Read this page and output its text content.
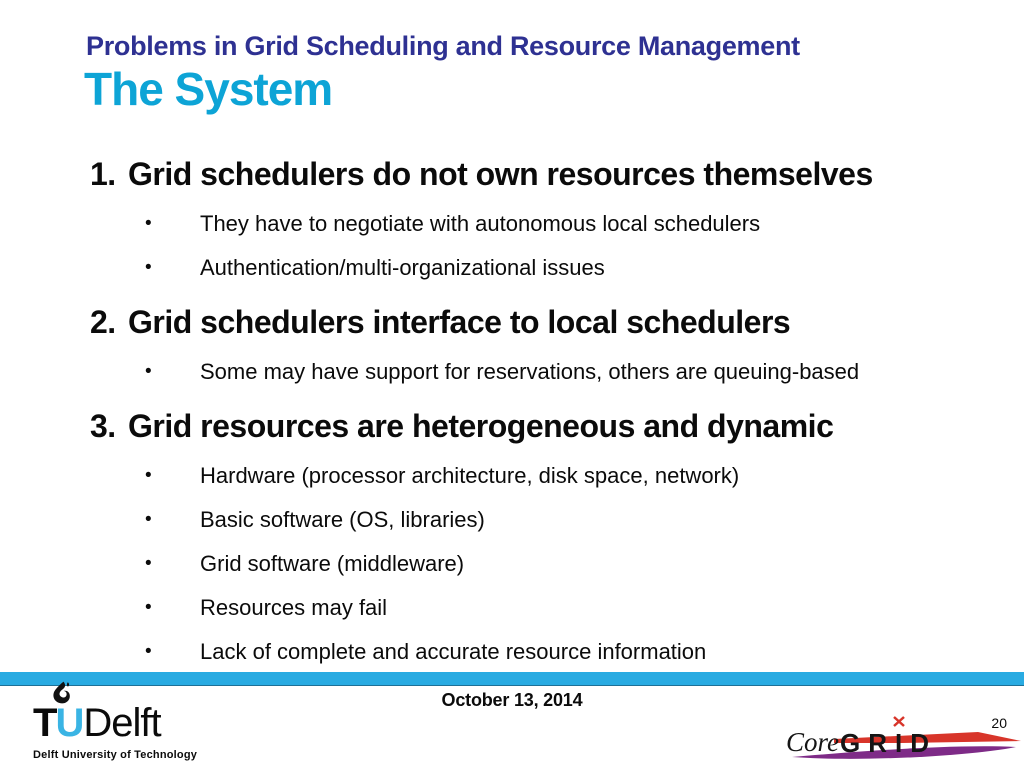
Problems in Grid Scheduling and Resource Management
The System
1. Grid schedulers do not own resources themselves
•	They have to negotiate with autonomous local schedulers
•	Authentication/multi-organizational issues
2. Grid schedulers interface to local schedulers
•	Some may have support for reservations, others are queuing-based
3. Grid resources are heterogeneous and dynamic
•	Hardware (processor architecture, disk space, network)
•	Basic software (OS, libraries)
•	Grid software (middleware)
•	Resources may fail
•	Lack of complete and accurate resource information
October 13, 2014
TUDelft
Delft University of Technology	Core GRID
20
